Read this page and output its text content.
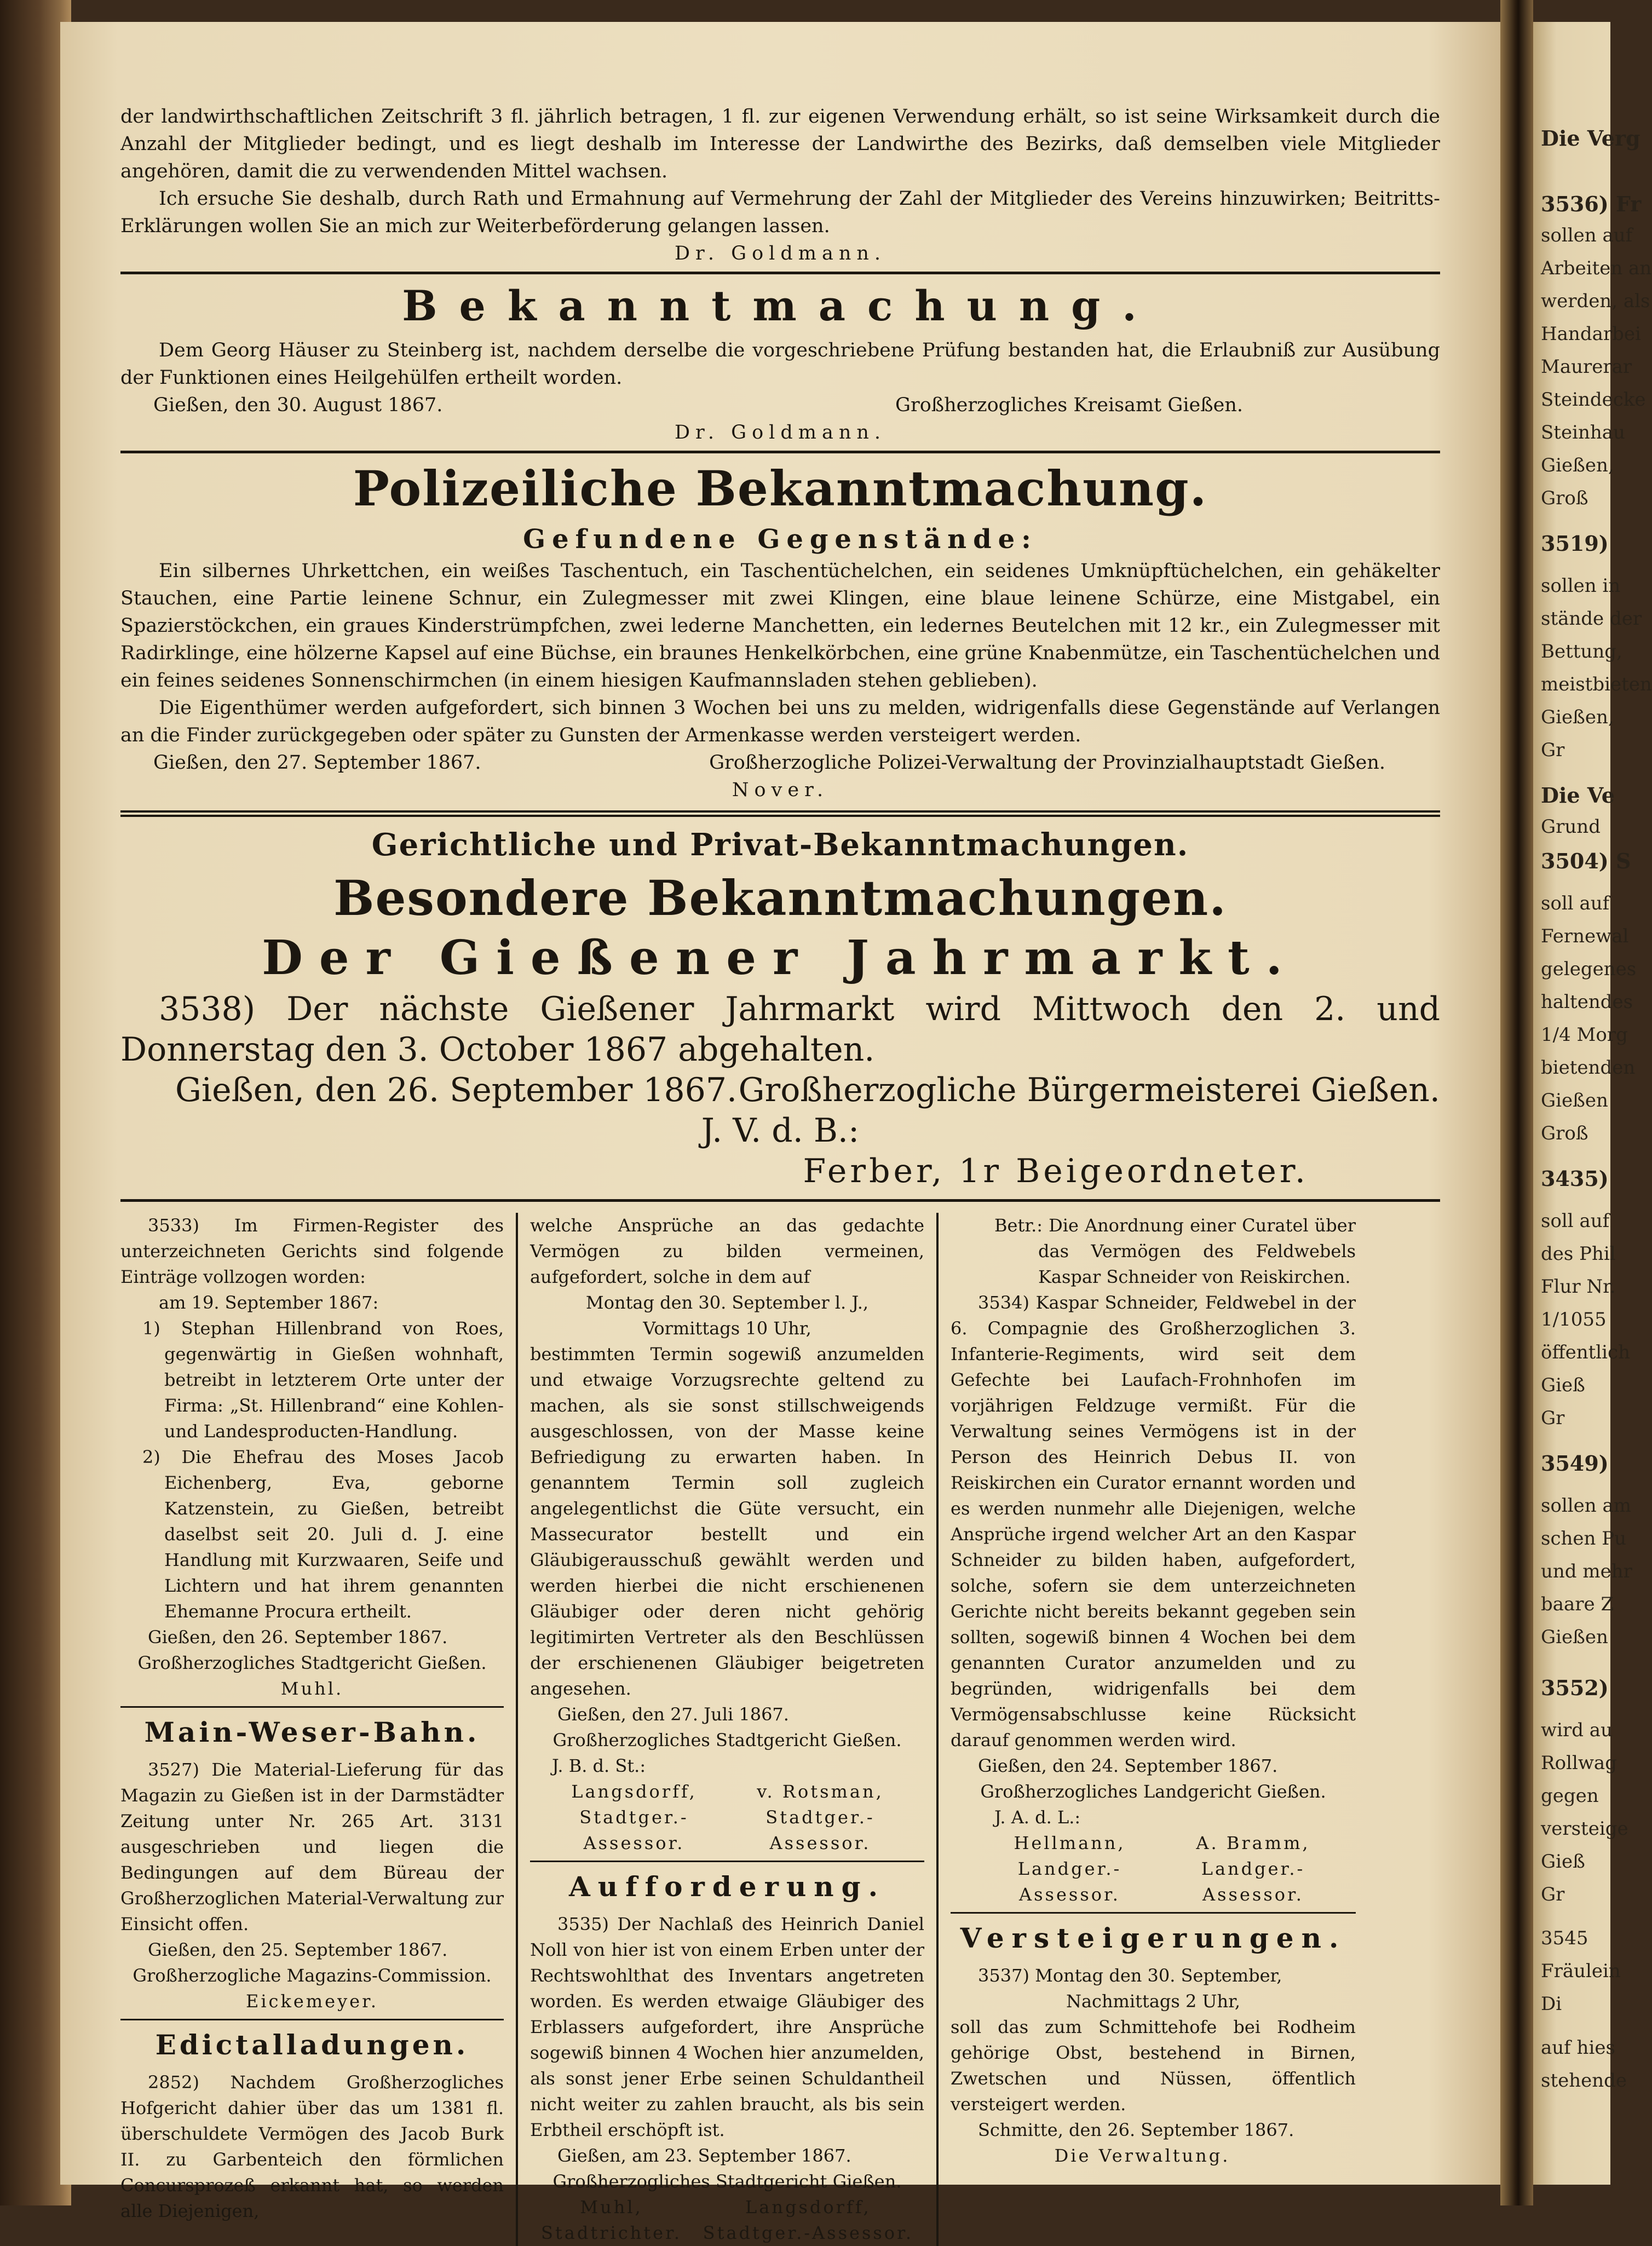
Die Verg
3536) Fr
sollen auf
Arbeiten an
werden, als
Handarbei
Maurerar
Steindecke
Steinhau
Gießen,
Groß
3519)
sollen in
stände der
Bettung,
meistbieten
Gießen,
Gr
Die Ve
Grund
3504) S
soll auf
Fernewal
gelegenes
haltendes
1/4 Morg
bietenden
Gießen
Groß
3435)
soll auf
des Phil
Flur Nr.
1/1055
öffentlich
Gieß
Gr
3549)
sollen am
schen Pu
und mehr
baare Z
Gießen
3552)
wird au
Rollwag
gegen
versteige
Gieß
Gr
3545
Fräulein
Di
auf hies
stehende

der landwirthschaftlichen Zeitschrift 3 fl. jährlich betragen, 1 fl. zur eigenen Verwendung erhält, so ist seine Wirksamkeit durch die Anzahl der Mitglieder bedingt, und es liegt deshalb im Interesse der Landwirthe des Bezirks, daß demselben viele Mitglieder angehören, damit die zu verwendenden Mittel wachsen.

Ich ersuche Sie deshalb, durch Rath und Ermahnung auf Vermehrung der Zahl der Mitglieder des Vereins hinzuwirken; Beitritts-Erklärungen wollen Sie an mich zur Weiterbeförderung gelangen lassen.

Dr. Goldmann.
Bekanntmachung.

Dem Georg Häuser zu Steinberg ist, nachdem derselbe die vorgeschriebene Prüfung bestanden hat, die Erlaubniß zur Ausübung der Funktionen eines Heilgehülfen ertheilt worden.

Gießen, den 30. August 1867.	Großherzogliches Kreisamt Gießen.
Dr. Goldmann.
Polizeiliche Bekanntmachung.
Gefundene Gegenstände:

Ein silbernes Uhrkettchen, ein weißes Taschentuch, ein Taschentüchelchen, ein seidenes Umknüpftüchelchen, ein gehäkelter Stauchen, eine Partie leinene Schnur, ein Zulegmesser mit zwei Klingen, eine blaue leinene Schürze, eine Mistgabel, ein Spazierstöckchen, ein graues Kinderstrümpfchen, zwei lederne Manchetten, ein ledernes Beutelchen mit 12 kr., ein Zulegmesser mit Radirklinge, eine hölzerne Kapsel auf eine Büchse, ein braunes Henkelkörbchen, eine grüne Knabenmütze, ein Taschentüchelchen und ein feines seidenes Sonnenschirmchen (in einem hiesigen Kaufmannsladen stehen geblieben).

Die Eigenthümer werden aufgefordert, sich binnen 3 Wochen bei uns zu melden, widrigenfalls diese Gegenstände auf Verlangen an die Finder zurückgegeben oder später zu Gunsten der Armenkasse werden versteigert werden.

Gießen, den 27. September 1867.	Großherzogliche Polizei-Verwaltung der Provinzialhauptstadt Gießen.
Nover.
Gerichtliche und Privat-Bekanntmachungen.
Besondere Bekanntmachungen.
Der Gießener Jahrmarkt.

3538) Der nächste Gießener Jahrmarkt wird Mittwoch den 2. und Donnerstag den 3. October 1867 abgehalten.

Gießen, den 26. September 1867. Großherzogliche Bürgermeisterei Gießen.

J. V. d. B.:

Ferber, 1r Beigeordneter.

3533) Im Firmen-Register des unterzeichneten Gerichts sind folgende Einträge vollzogen worden:

am 19. September 1867:

1) Stephan Hillenbrand von Roes, gegenwärtig in Gießen wohnhaft, betreibt in letzterem Orte unter der Firma: „St. Hillenbrand“ eine Kohlen- und Landesproducten-Handlung.

2) Die Ehefrau des Moses Jacob Eichenberg, Eva, geborne Katzenstein, zu Gießen, betreibt daselbst seit 20. Juli d. J. eine Handlung mit Kurzwaaren, Seife und Lichtern und hat ihrem genannten Ehemanne Procura ertheilt.

Gießen, den 26. September 1867.

Großherzogliches Stadtgericht Gießen.

Muhl.

Main-Weser-Bahn.

3527) Die Material-Lieferung für das Magazin zu Gießen ist in der Darmstädter Zeitung unter Nr. 265 Art. 3131 ausgeschrieben und liegen die Bedingungen auf dem Büreau der Großherzoglichen Material-Verwaltung zur Einsicht offen.

Gießen, den 25. September 1867.

Großherzogliche Magazins-Commission.

Eickemeyer.

Edictalladungen.

2852) Nachdem Großherzogliches Hofgericht dahier über das um 1381 fl. überschuldete Vermögen des Jacob Burk II. zu Garbenteich den förmlichen Concursprozeß erkannt hat, so werden alle Diejenigen,

welche Ansprüche an das gedachte Vermögen zu bilden vermeinen, aufgefordert, solche in dem auf

Montag den 30. September l. J.,

Vormittags 10 Uhr,

bestimmten Termin sogewiß anzumelden und etwaige Vorzugsrechte geltend zu machen, als sie sonst stillschweigends ausgeschlossen, von der Masse keine Befriedigung zu erwarten haben. In genanntem Termin soll zugleich angelegentlichst die Güte versucht, ein Massecurator bestellt und ein Gläubigerausschuß gewählt werden und werden hierbei die nicht erschienenen Gläubiger oder deren nicht gehörig legitimirten Vertreter als den Beschlüssen der erschienenen Gläubiger beigetreten angesehen.

Gießen, den 27. Juli 1867.

Großherzogliches Stadtgericht Gießen.

J. B. d. St.:

Langsdorff,
Stadtger.-Assessor.
v. Rotsman,
Stadtger.-Assessor.
Aufforderung.

3535) Der Nachlaß des Heinrich Daniel Noll von hier ist von einem Erben unter der Rechtswohlthat des Inventars angetreten worden. Es werden etwaige Gläubiger des Erblassers aufgefordert, ihre Ansprüche sogewiß binnen 4 Wochen hier anzumelden, als sonst jener Erbe seinen Schuldantheil nicht weiter zu zahlen braucht, als bis sein Erbtheil erschöpft ist.

Gießen, am 23. September 1867.

Großherzogliches Stadtgericht Gießen.

Muhl,
Stadtrichter.
Langsdorff,
Stadtger.-Assessor.

Betr.: Die Anordnung einer Curatel über das Vermögen des Feldwebels Kaspar Schneider von Reiskirchen.

3534) Kaspar Schneider, Feldwebel in der 6. Compagnie des Großherzoglichen 3. Infanterie-Regiments, wird seit dem Gefechte bei Laufach-Frohnhofen im vorjährigen Feldzuge vermißt. Für die Verwaltung seines Vermögens ist in der Person des Heinrich Debus II. von Reiskirchen ein Curator ernannt worden und es werden nunmehr alle Diejenigen, welche Ansprüche irgend welcher Art an den Kaspar Schneider zu bilden haben, aufgefordert, solche, sofern sie dem unterzeichneten Gerichte nicht bereits bekannt gegeben sein sollten, sogewiß binnen 4 Wochen bei dem genannten Curator anzumelden und zu begründen, widrigenfalls bei dem Vermögensabschlusse keine Rücksicht darauf genommen werden wird.

Gießen, den 24. September 1867.

Großherzogliches Landgericht Gießen.

J. A. d. L.:

Hellmann,
Landger.-Assessor.
A. Bramm,
Landger.-Assessor.
Versteigerungen.

3537) Montag den 30. September,

Nachmittags 2 Uhr,

soll das zum Schmittehofe bei Rodheim gehörige Obst, bestehend in Birnen, Zwetschen und Nüssen, öffentlich versteigert werden.

Schmitte, den 26. September 1867.

Die Verwaltung.
